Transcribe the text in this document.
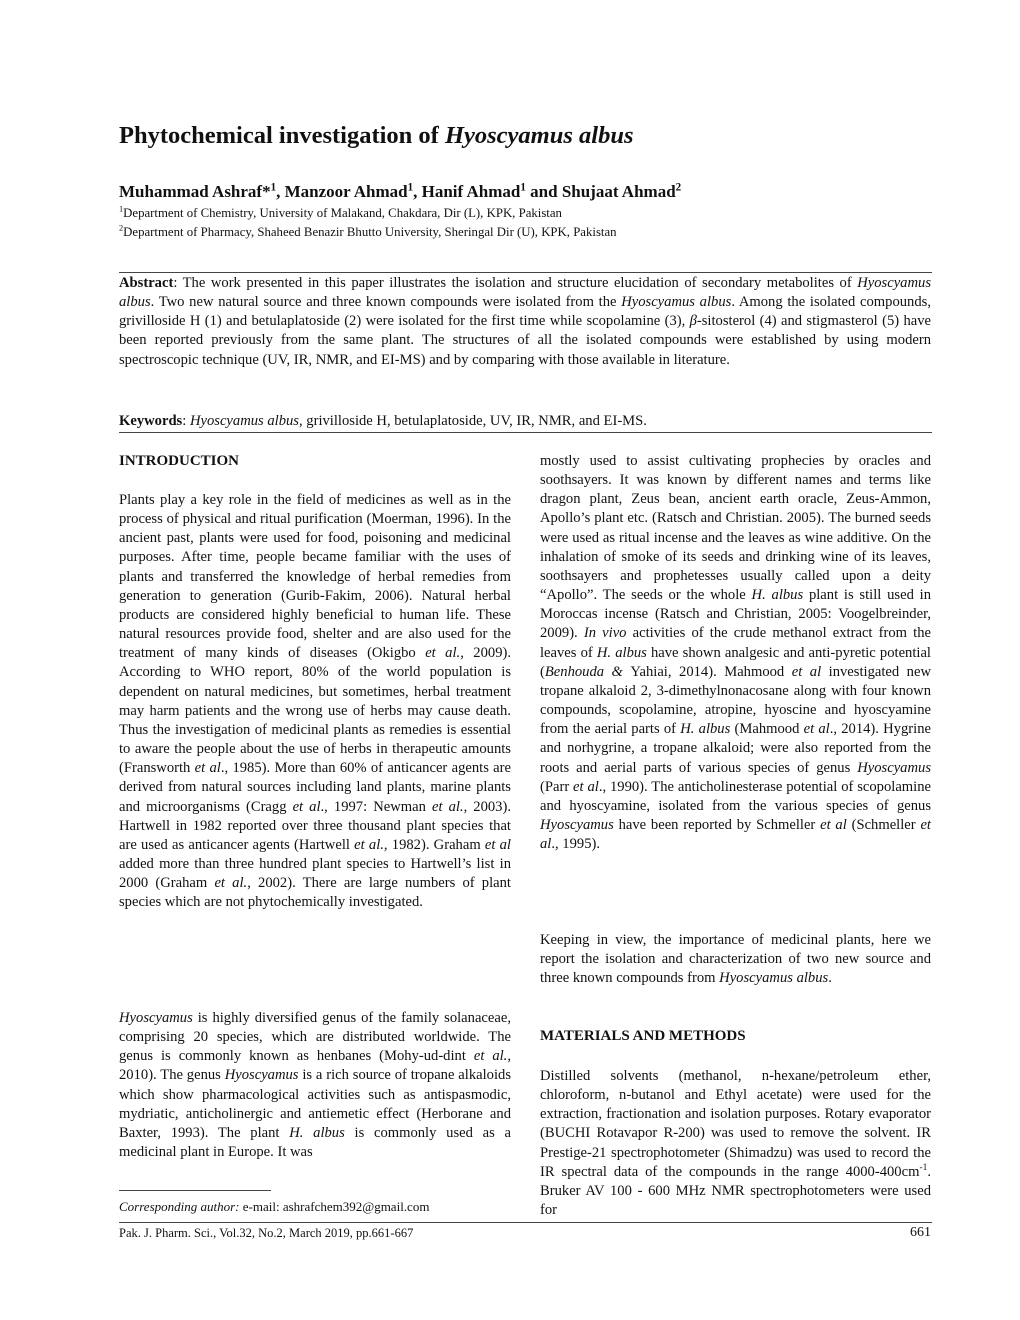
Phytochemical investigation of Hyoscyamus albus
Muhammad Ashraf*$^1$, Manzoor Ahmad$^1$, Hanif Ahmad$^1$ and Shujaat Ahmad$^2$
$^1$Department of Chemistry, University of Malakand, Chakdara, Dir (L), KPK, Pakistan
$^2$Department of Pharmacy, Shaheed Benazir Bhutto University, Sheringal Dir (U), KPK, Pakistan
Abstract: The work presented in this paper illustrates the isolation and structure elucidation of secondary metabolites of Hyoscyamus albus. Two new natural source and three known compounds were isolated from the Hyoscyamus albus. Among the isolated compounds, grivilloside H (1) and betulaplatoside (2) were isolated for the first time while scopolamine (3), β-sitosterol (4) and stigmasterol (5) have been reported previously from the same plant. The structures of all the isolated compounds were established by using modern spectroscopic technique (UV, IR, NMR, and EI-MS) and by comparing with those available in literature.
Keywords: Hyoscyamus albus, grivilloside H, betulaplatoside, UV, IR, NMR, and EI-MS.
INTRODUCTION
Plants play a key role in the field of medicines as well as in the process of physical and ritual purification (Moerman, 1996). In the ancient past, plants were used for food, poisoning and medicinal purposes. After time, people became familiar with the uses of plants and transferred the knowledge of herbal remedies from generation to generation (Gurib-Fakim, 2006). Natural herbal products are considered highly beneficial to human life. These natural resources provide food, shelter and are also used for the treatment of many kinds of diseases (Okigbo et al., 2009). According to WHO report, 80% of the world population is dependent on natural medicines, but sometimes, herbal treatment may harm patients and the wrong use of herbs may cause death. Thus the investigation of medicinal plants as remedies is essential to aware the people about the use of herbs in therapeutic amounts (Fransworth et al., 1985). More than 60% of anticancer agents are derived from natural sources including land plants, marine plants and microorganisms (Cragg et al., 1997: Newman et al., 2003). Hartwell in 1982 reported over three thousand plant species that are used as anticancer agents (Hartwell et al., 1982). Graham et al added more than three hundred plant species to Hartwell’s list in 2000 (Graham et al., 2002). There are large numbers of plant species which are not phytochemically investigated.
Hyoscyamus is highly diversified genus of the family solanaceae, comprising 20 species, which are distributed worldwide. The genus is commonly known as henbanes (Mohy-ud-dint et al., 2010). The genus Hyoscyamus is a rich source of tropane alkaloids which show pharmacological activities such as antispasmodic, mydriatic, anticholinergic and antiemetic effect (Herborane and Baxter, 1993). The plant H. albus is commonly used as a medicinal plant in Europe. It was
mostly used to assist cultivating prophecies by oracles and soothsayers. It was known by different names and terms like dragon plant, Zeus bean, ancient earth oracle, Zeus-Ammon, Apollo’s plant etc. (Ratsch and Christian. 2005). The burned seeds were used as ritual incense and the leaves as wine additive. On the inhalation of smoke of its seeds and drinking wine of its leaves, soothsayers and prophetesses usually called upon a deity “Apollo”. The seeds or the whole H. albus plant is still used in Moroccas incense (Ratsch and Christian, 2005: Voogelbreinder, 2009). In vivo activities of the crude methanol extract from the leaves of H. albus have shown analgesic and anti-pyretic potential (Benhouda & Yahiai, 2014). Mahmood et al investigated new tropane alkaloid 2, 3-dimethylnonacosane along with four known compounds, scopolamine, atropine, hyoscine and hyoscyamine from the aerial parts of H. albus (Mahmood et al., 2014). Hygrine and norhygrine, a tropane alkaloid; were also reported from the roots and aerial parts of various species of genus Hyoscyamus (Parr et al., 1990). The anticholinesterase potential of scopolamine and hyoscyamine, isolated from the various species of genus Hyoscyamus have been reported by Schmeller et al (Schmeller et al., 1995).
Keeping in view, the importance of medicinal plants, here we report the isolation and characterization of two new source and three known compounds from Hyoscyamus albus.
MATERIALS AND METHODS
Distilled solvents (methanol, n-hexane/petroleum ether, chloroform, n-butanol and Ethyl acetate) were used for the extraction, fractionation and isolation purposes. Rotary evaporator (BUCHI Rotavapor R-200) was used to remove the solvent. IR Prestige-21 spectrophotometer (Shimadzu) was used to record the IR spectral data of the compounds in the range $4000-400cm^{-1}$. Bruker AV 100 - 600 MHz NMR spectrophotometers were used for
Corresponding author: e-mail: ashrafchem392@gmail.com
Pak. J. Pharm. Sci., Vol.32, No.2, March 2019, pp.661-667	661
